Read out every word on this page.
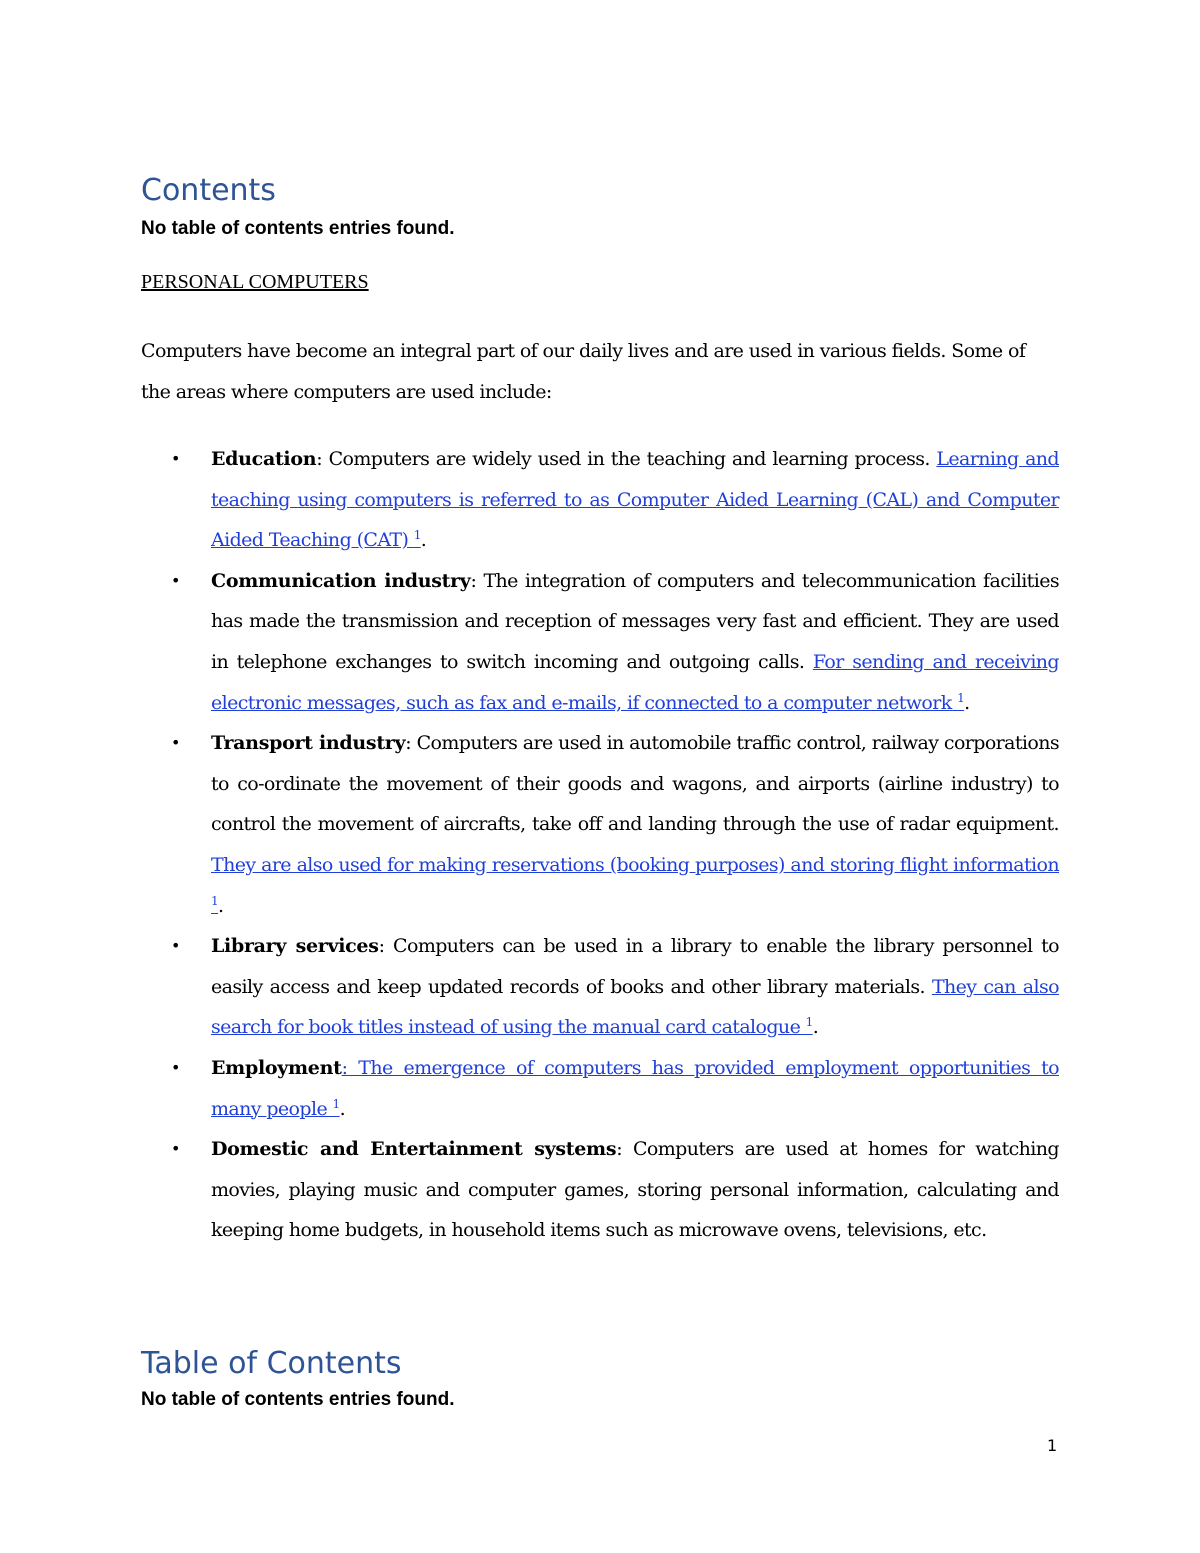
Contents

No table of contents entries found.

PERSONAL COMPUTERS

Computers have become an integral part of our daily lives and are used in various fields. Some of the areas where computers are used include:

• Education: Computers are widely used in the teaching and learning process. Learning and teaching using computers is referred to as Computer Aided Learning (CAL) and Computer Aided Teaching (CAT) $^1$.
• Communication industry: The integration of computers and telecommunication facilities has made the transmission and reception of messages very fast and efficient. They are used in telephone exchanges to switch incoming and outgoing calls. For sending and receiving electronic messages, such as fax and e-mails, if connected to a computer network $^1$.
• Transport industry: Computers are used in automobile traffic control, railway corporations to co-ordinate the movement of their goods and wagons, and airports (airline industry) to control the movement of aircrafts, take off and landing through the use of radar equipment. They are also used for making reservations (booking purposes) and storing flight information $^1$.
• Library services: Computers can be used in a library to enable the library personnel to easily access and keep updated records of books and other library materials. They can also search for book titles instead of using the manual card catalogue $^1$.
• Employment: The emergence of computers has provided employment opportunities to many people $^1$.
• Domestic and Entertainment systems: Computers are used at homes for watching movies, playing music and computer games, storing personal information, calculating and keeping home budgets, in household items such as microwave ovens, televisions, etc.
Table of Contents

No table of contents entries found.

1
